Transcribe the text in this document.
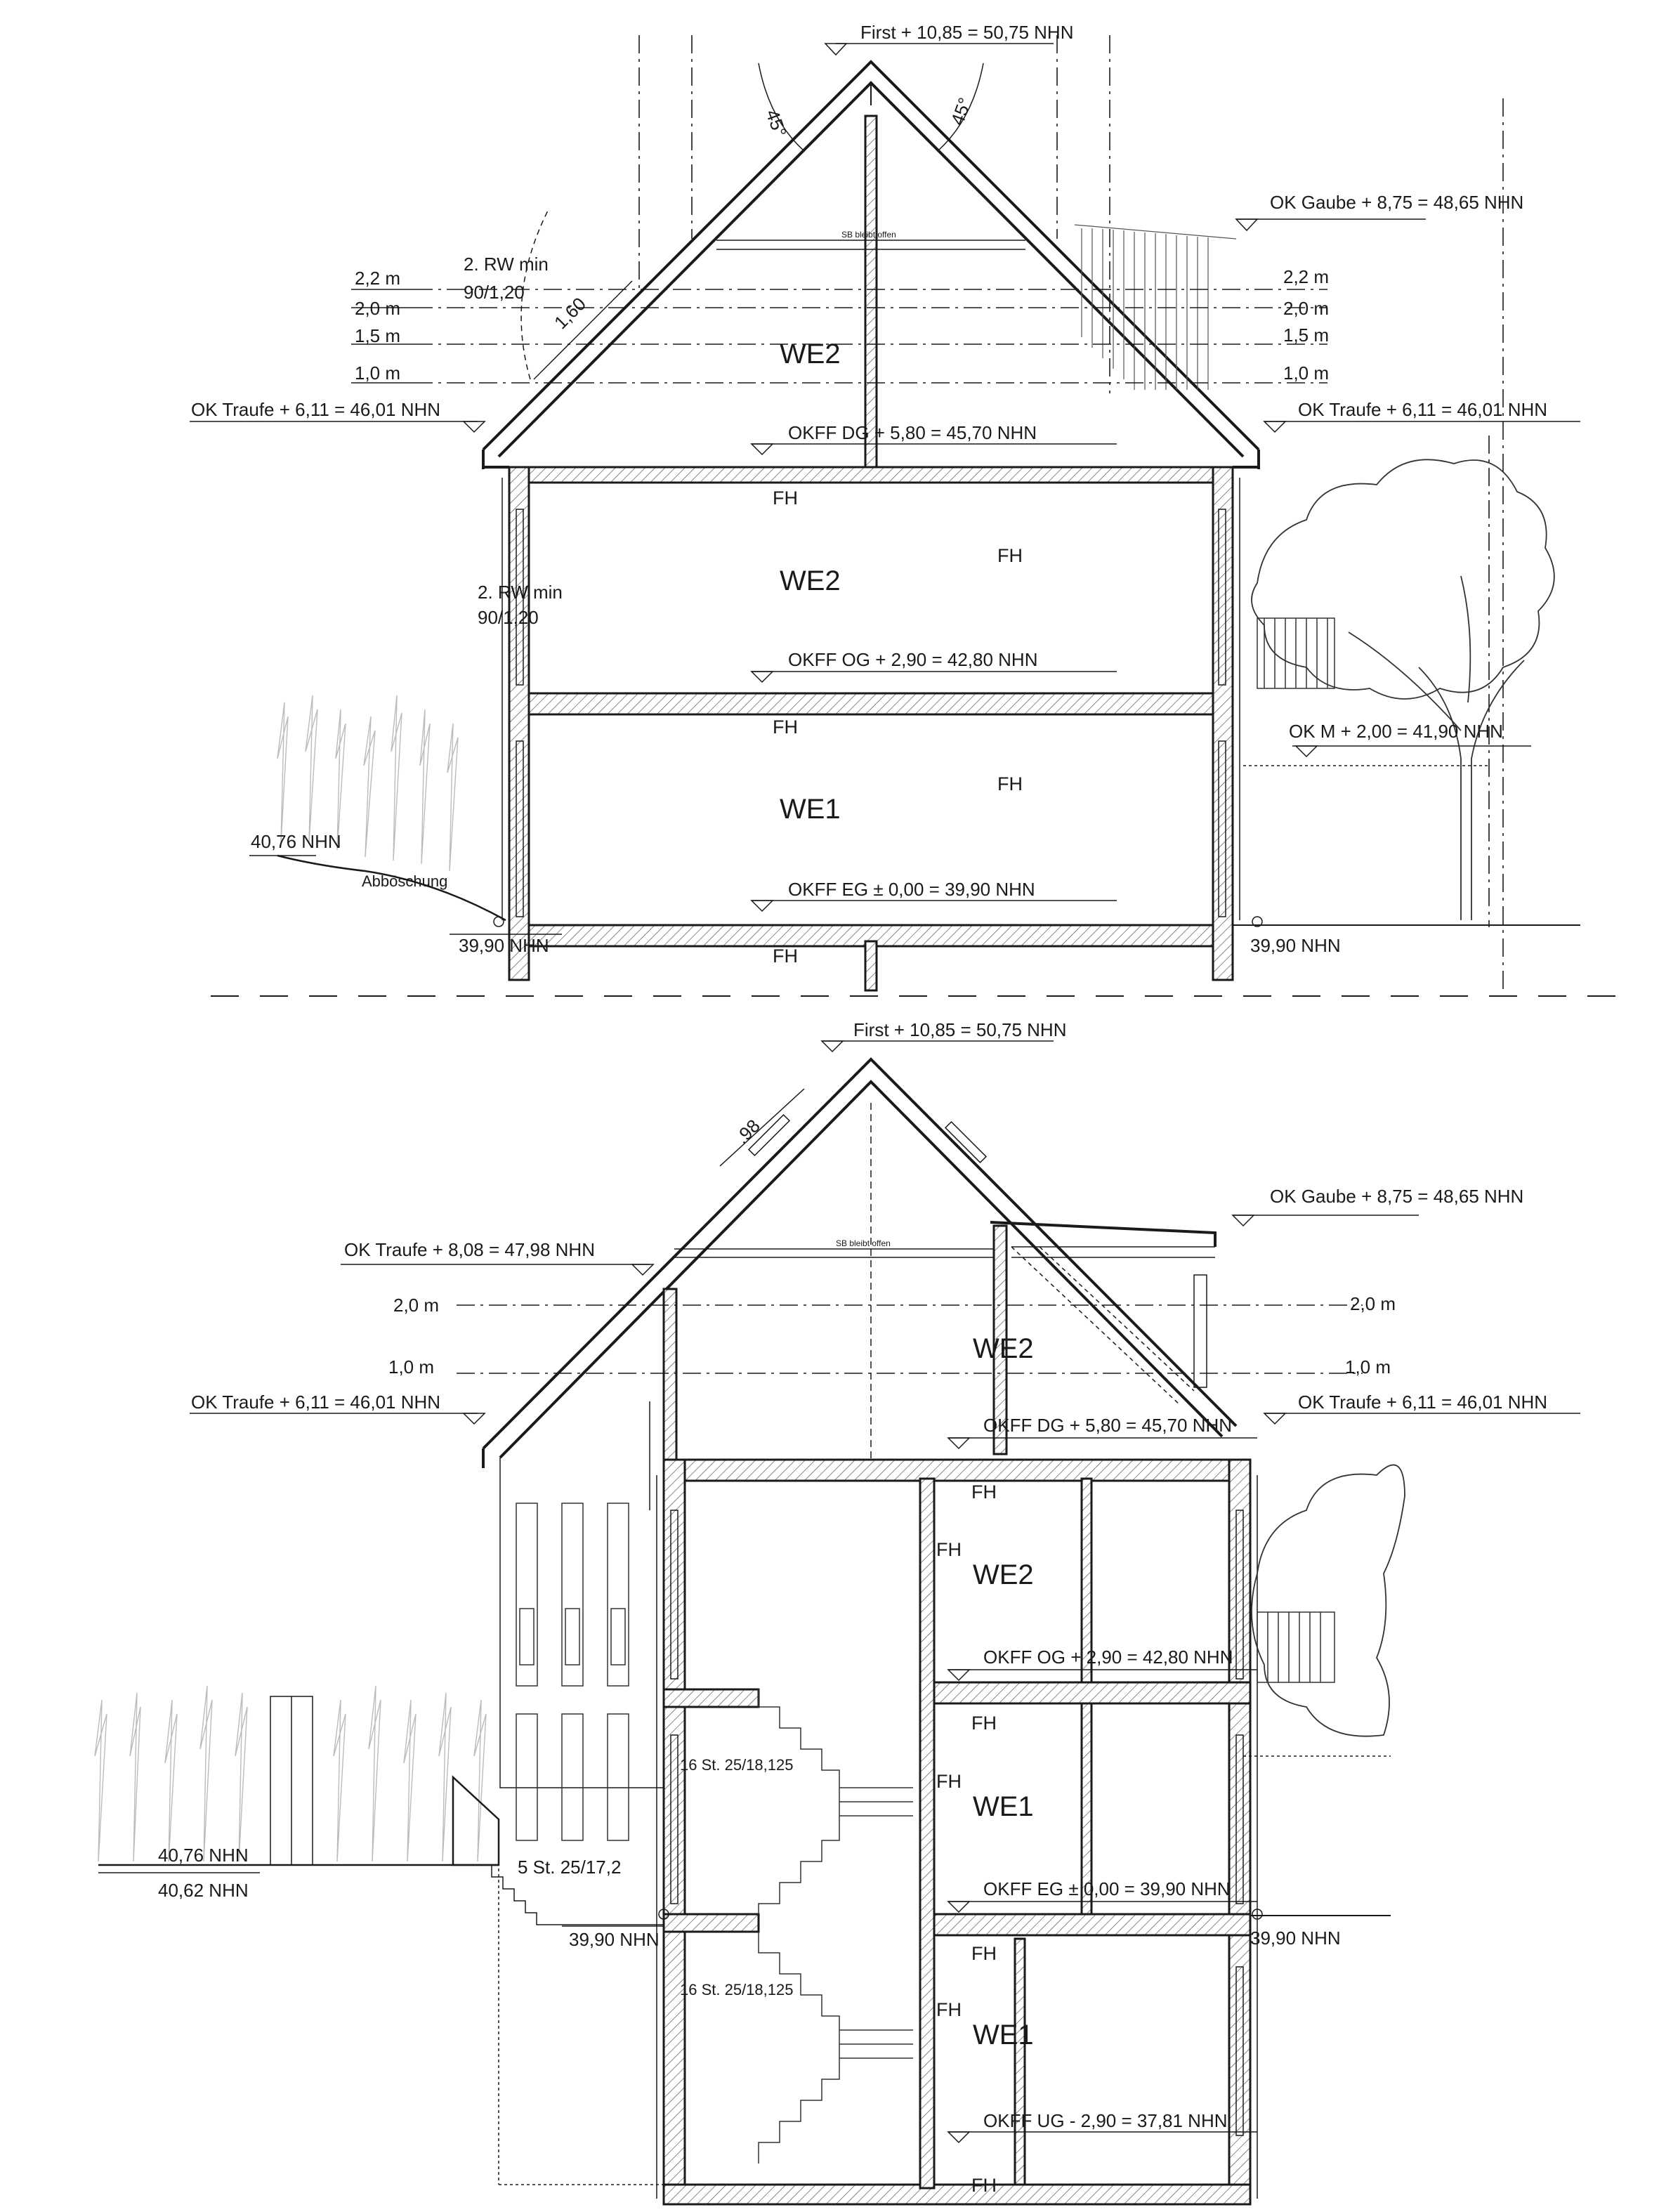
First + 10,85 = 50,75 NHN
45°	45°
SB bleibt offen
OK Gaube + 8,75 = 48,65 NHN
2,2 m
2,0 m
1,5 m
1,0 m
2,2 m
2,0 m
1,5 m
1,0 m
2. RW min
90/1,20
1,60
WE2
OK Traufe + 6,11 = 46,01 NHN	OK Traufe + 6,11 = 46,01 NHN
OKFF DG + 5,80 = 45,70 NHN
FH
FH
WE2
2. RW min
90/1,20
OKFF OG + 2,90 = 42,80 NHN
FH
FH
WE1
OKFF EG ± 0,00 = 39,90 NHN
FH
OK M + 2,00 = 41,90 NHN
40,76 NHN
Abböschung
39,90 NHN	39,90 NHN
First + 10,85 = 50,75 NHN
.98
OK Gaube + 8,75 = 48,65 NHN
SB bleibt offen
OK Traufe + 8,08 = 47,98 NHN
2,0 m
1,0 m
2,0 m
1,0 m
WE2
OK Traufe + 6,11 = 46,01 NHN	OK Traufe + 6,11 = 46,01 NHN
OKFF DG + 5,80 = 45,70 NHN
16 St. 25/18,125
16 St. 25/18,125
FH
FH
WE2
OKFF OG + 2,90 = 42,80 NHN
FH
FH
WE1
OKFF EG ± 0,00 = 39,90 NHN
FH
FH
WE1
OKFF UG - 2,90 = 37,81 NHN
FH
40,76 NHN
40,62 NHN
5 St. 25/17,2
39,90 NHN	39,90 NHN
